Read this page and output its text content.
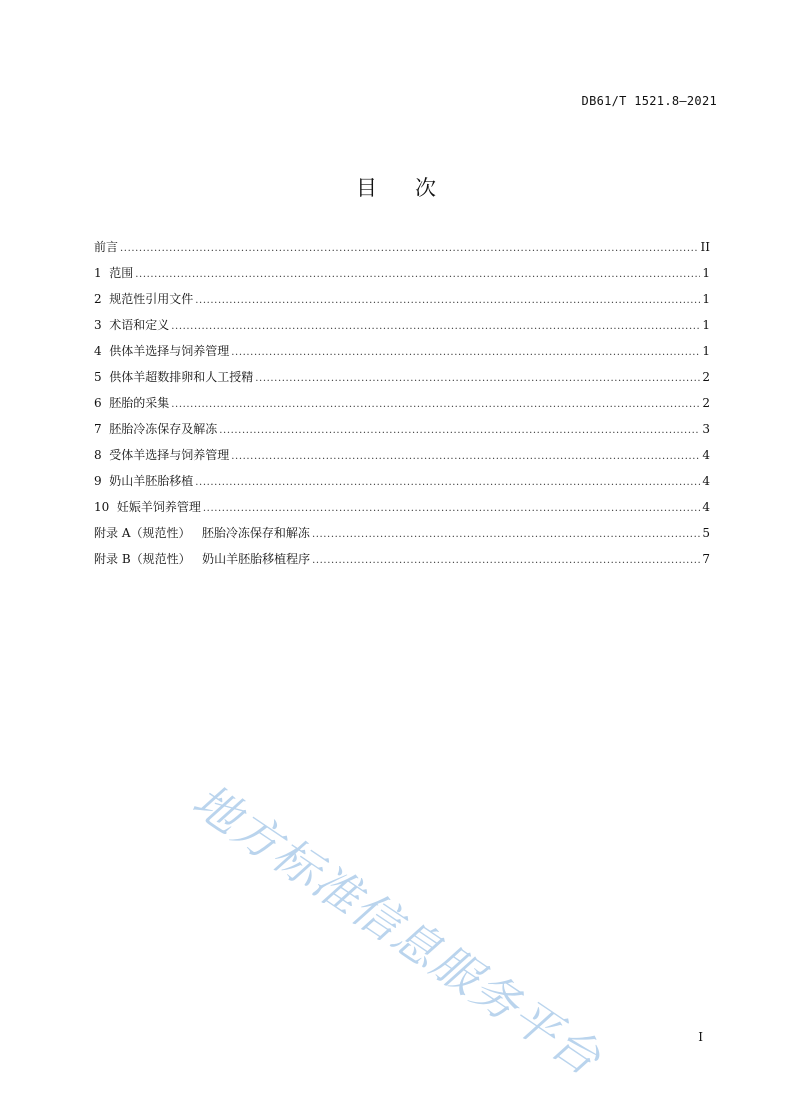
DB61/T 1521.8—2021
目 次
前言 .....	II
1  范围 .....	1
2  规范性引用文件 .....	1
3  术语和定义 .....	1
4  供体羊选择与饲养管理 .....	1
5  供体羊超数排卵和人工授精 .....	2
6  胚胎的采集 .....	2
7  胚胎冷冻保存及解冻 .....	3
8  受体羊选择与饲养管理 .....	4
9  奶山羊胚胎移植 .....	4
10  妊娠羊饲养管理 .....	4
附录 A（规范性）   胚胎冷冻保存和解冻 .....	5
附录 B（规范性）   奶山羊胚胎移植程序 .....	7
地方标准信息服务平台	I
